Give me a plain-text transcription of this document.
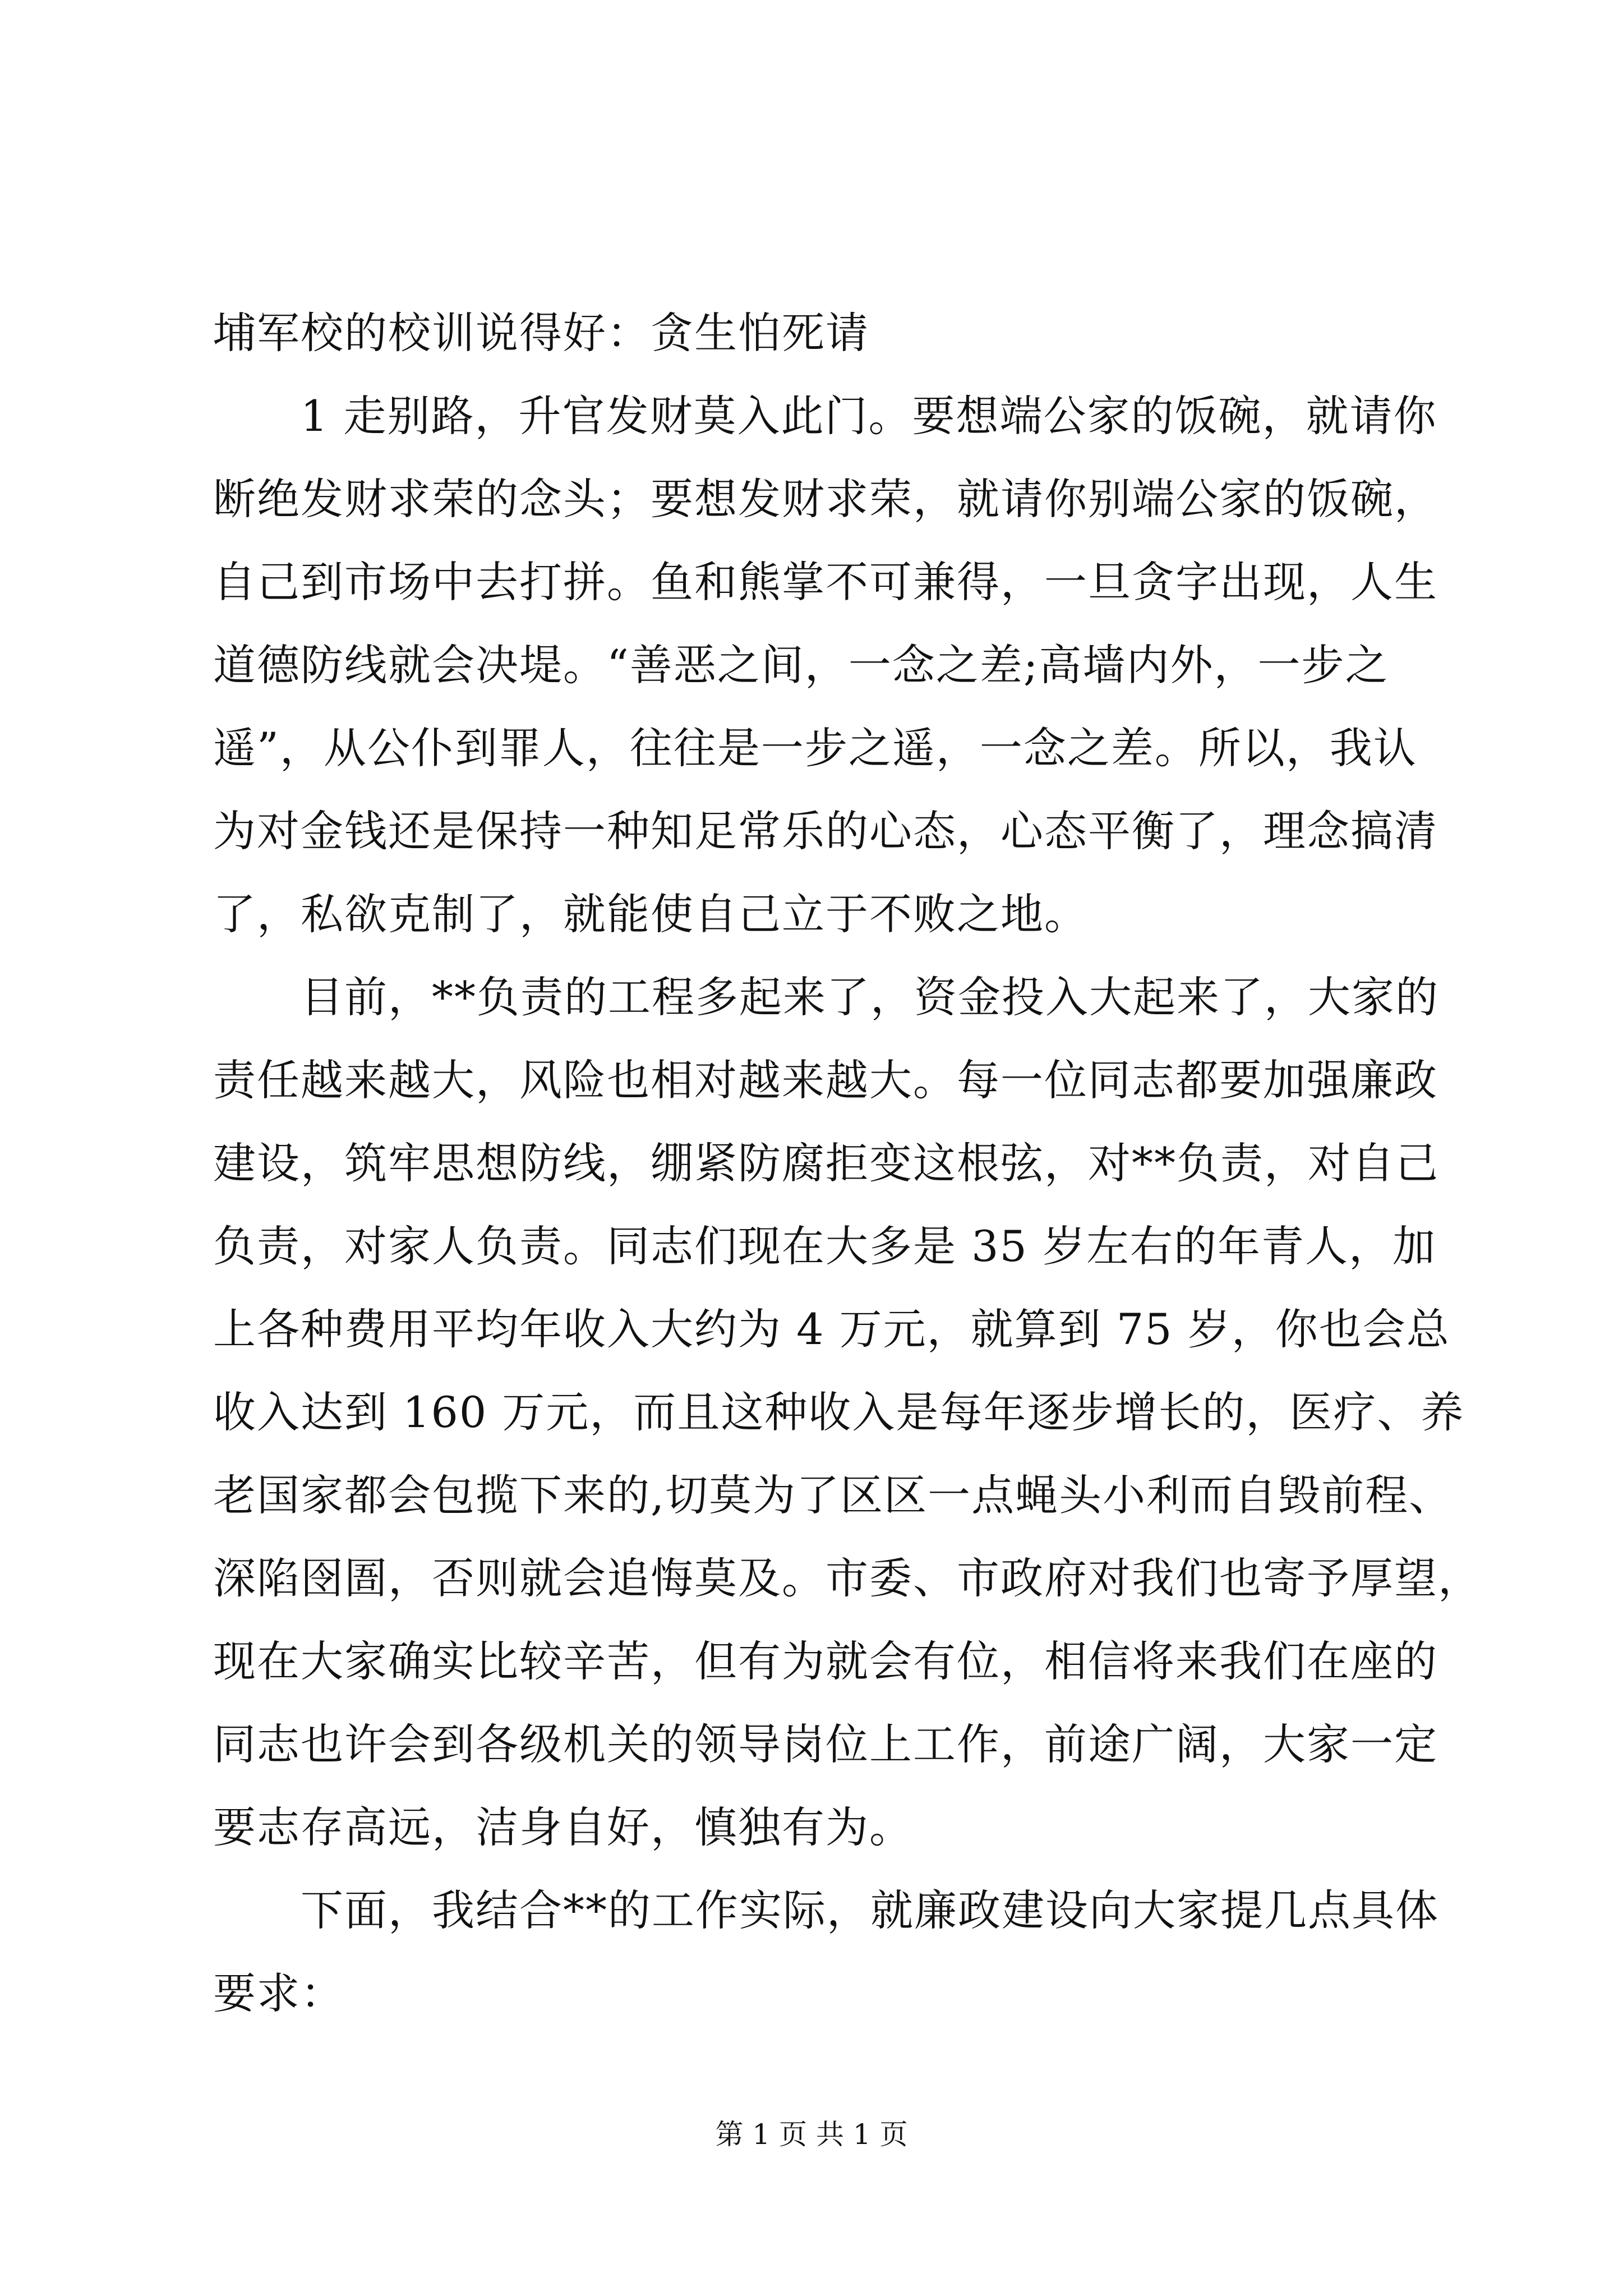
埔军校的校训说得好：贪生怕死请
　　1 走别路，升官发财莫入此门。要想端公家的饭碗，就请你
断绝发财求荣的念头；要想发财求荣，就请你别端公家的饭碗，
自己到市场中去打拼。鱼和熊掌不可兼得，一旦贪字出现，人生
道德防线就会决堤。“善恶之间，一念之差;高墙内外，一步之
遥”，从公仆到罪人，往往是一步之遥，一念之差。所以，我认
为对金钱还是保持一种知足常乐的心态，心态平衡了，理念搞清
了，私欲克制了，就能使自己立于不败之地。
　　目前，**负责的工程多起来了，资金投入大起来了，大家的
责任越来越大，风险也相对越来越大。每一位同志都要加强廉政
建设，筑牢思想防线，绷紧防腐拒变这根弦，对**负责，对自己
负责，对家人负责。同志们现在大多是 35 岁左右的年青人，加
上各种费用平均年收入大约为 4 万元，就算到 75 岁，你也会总
收入达到 160 万元，而且这种收入是每年逐步增长的，医疗、养
老国家都会包揽下来的,切莫为了区区一点蝇头小利而自毁前程、
深陷囹圄，否则就会追悔莫及。市委、市政府对我们也寄予厚望，
现在大家确实比较辛苦，但有为就会有位，相信将来我们在座的
同志也许会到各级机关的领导岗位上工作，前途广阔，大家一定
要志存高远，洁身自好，慎独有为。
　　下面，我结合**的工作实际，就廉政建设向大家提几点具体
要求：
第 1 页 共 1 页
